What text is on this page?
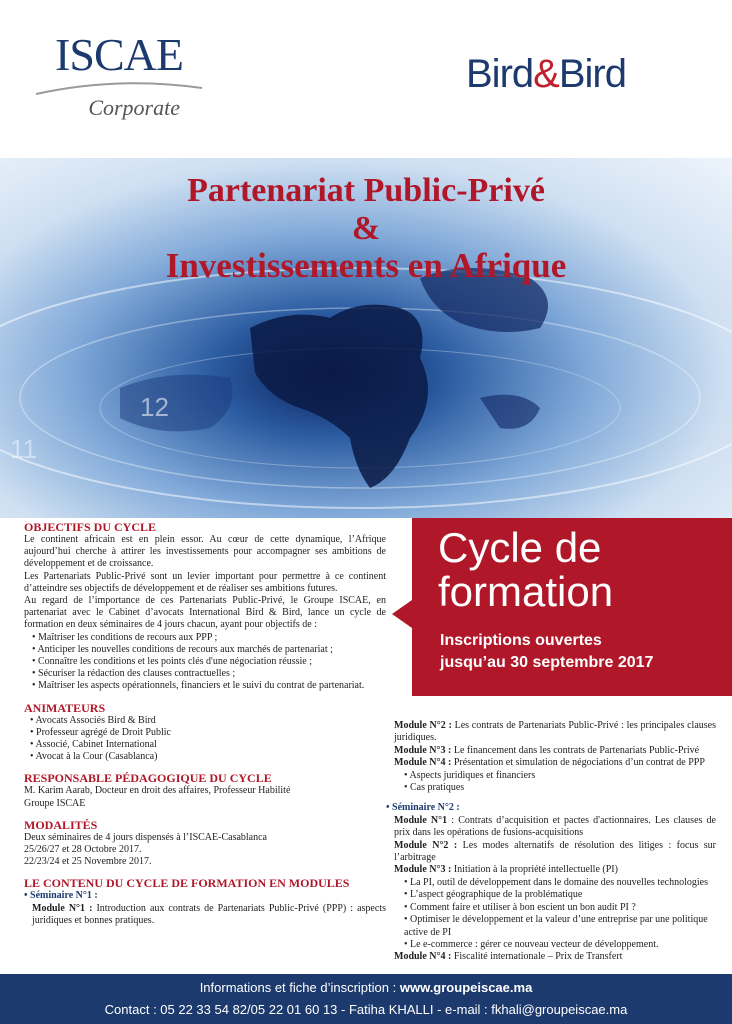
ISCAE
Corporate
Bird&Bird
12
11
Partenariat Public-Privé
&
Investissements en Afrique
OBJECTIFS DU CYCLE
Le continent africain est en plein essor. Au cœur de cette dynamique, l’Afrique aujourd’hui cherche à attirer les investissements pour accompagner ses ambitions de développement et de croissance.
Les Partenariats Public-Privé sont un levier important pour permettre à ce continent d’atteindre ses objectifs de développement et de réaliser ses ambitions futures.
Au regard de l’importance de ces Partenariats Public-Privé, le Groupe ISCAE, en partenariat avec le Cabinet d’avocats International Bird & Bird, lance un cycle de formation en deux séminaires de 4 jours chacun, ayant pour objectifs de :
• Maîtriser les conditions de recours aux PPP ;
• Anticiper les nouvelles conditions de recours aux marchés de partenariat ;
• Connaître les conditions et les points clés d'une négociation réussie ;
• Sécuriser la rédaction des clauses contractuelles ;
• Maîtriser les aspects opérationnels, financiers et le suivi du contrat de partenariat.
ANIMATEURS
• Avocats Associés Bird & Bird
• Professeur agrégé de Droit Public
• Associé, Cabinet International
• Avocat à la Cour (Casablanca)
RESPONSABLE PÉDAGOGIQUE DU CYCLE
M. Karim Aarab, Docteur en droit des affaires, Professeur Habilité
Groupe ISCAE
MODALITÉS
Deux séminaires de 4 jours dispensés à l’ISCAE-Casablanca
25/26/27 et 28 Octobre 2017.
22/23/24 et 25 Novembre 2017.
LE CONTENU DU CYCLE DE FORMATION EN MODULES
• Séminaire N°1 :
Module N°1 : Introduction aux contrats de Partenariats Public-Privé (PPP) : aspects juridiques et bonnes pratiques.
Cycle de
formation
Inscriptions ouvertes
jusqu’au 30 septembre 2017
Module N°2 : Les contrats de Partenariats Public-Privé : les principales clauses juridiques.
Module N°3 : Le financement dans les contrats de Partenariats Public-Privé
Module N°4 : Présentation et simulation de négociations d’un contrat de PPP
• Aspects juridiques et financiers
• Cas pratiques
• Séminaire N°2 :
Module N°1 : Contrats d’acquisition et pactes d'actionnaires. Les clauses de prix dans les opérations de fusions-acquisitions
Module N°2 : Les modes alternatifs de résolution des litiges : focus sur l’arbitrage
Module N°3 : Initiation à la propriété intellectuelle (PI)
• La PI, outil de développement dans le domaine des nouvelles technologies
• L’aspect géographique de la problématique
• Comment faire et utiliser à bon escient un bon audit PI ?
• Optimiser le développement et la valeur d’une entreprise par une politique active de PI
• Le e-commerce : gérer ce nouveau vecteur de développement.
Module N°4 : Fiscalité internationale – Prix de Transfert
Informations et fiche d’inscription : www.groupeiscae.ma
Contact : 05 22 33 54 82/05 22 01 60 13 - Fatiha KHALLI - e-mail : fkhali@groupeiscae.ma
